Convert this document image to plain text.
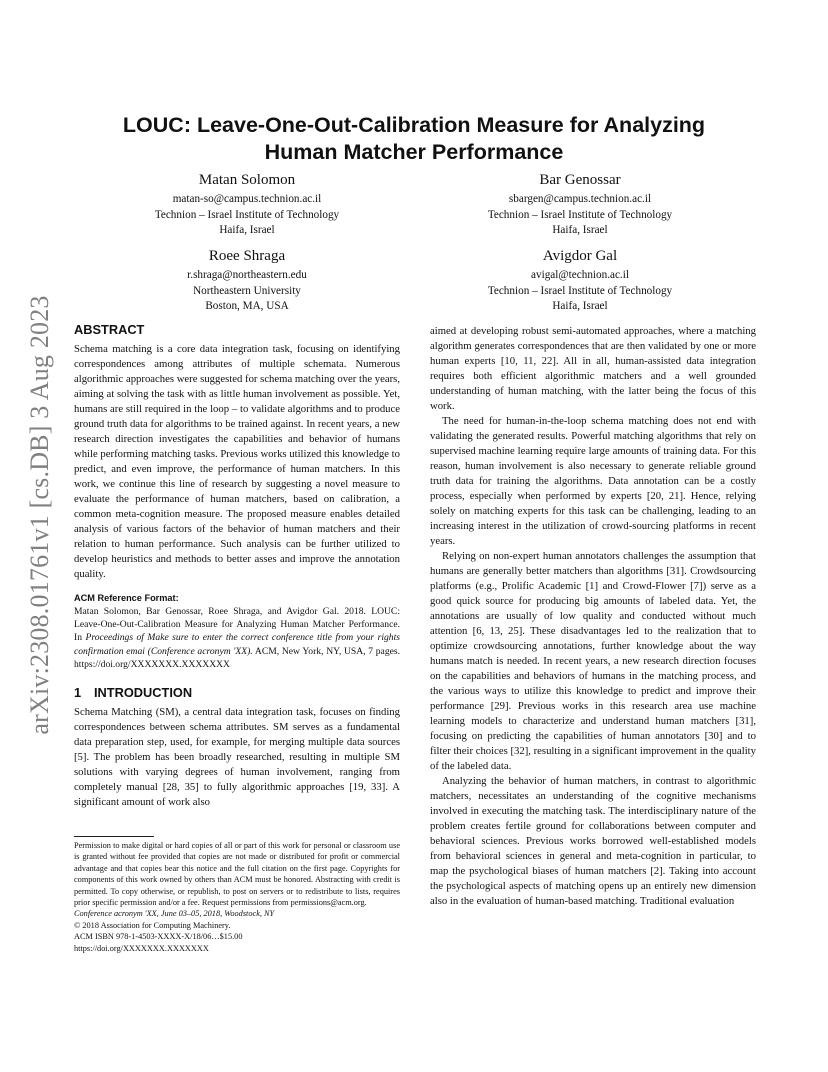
arXiv:2308.01761v1 [cs.DB] 3 Aug 2023
LOUC: Leave-One-Out-Calibration Measure for Analyzing
Human Matcher Performance
Matan Solomon
matan-so@campus.technion.ac.il
Technion – Israel Institute of Technology
Haifa, Israel
Bar Genossar
sbargen@campus.technion.ac.il
Technion – Israel Institute of Technology
Haifa, Israel
Roee Shraga
r.shraga@northeastern.edu
Northeastern University
Boston, MA, USA
Avigdor Gal
avigal@technion.ac.il
Technion – Israel Institute of Technology
Haifa, Israel
ABSTRACT

Schema matching is a core data integration task, focusing on identifying correspondences among attributes of multiple schemata. Numerous algorithmic approaches were suggested for schema matching over the years, aiming at solving the task with as little human involvement as possible. Yet, humans are still required in the loop – to validate algorithms and to produce ground truth data for algorithms to be trained against. In recent years, a new research direction investigates the capabilities and behavior of humans while performing matching tasks. Previous works utilized this knowledge to predict, and even improve, the performance of human matchers. In this work, we continue this line of research by suggesting a novel measure to evaluate the performance of human matchers, based on calibration, a common meta-cognition measure. The proposed measure enables detailed analysis of various factors of the behavior of human matchers and their relation to human performance. Such analysis can be further utilized to develop heuristics and methods to better asses and improve the annotation quality.

ACM Reference Format:

Matan Solomon, Bar Genossar, Roee Shraga, and Avigdor Gal. 2018. LOUC: Leave-One-Out-Calibration Measure for Analyzing Human Matcher Performance. In Proceedings of Make sure to enter the correct conference title from your rights confirmation emai (Conference acronym 'XX). ACM, New York, NY, USA, 7 pages. https://doi.org/XXXXXXX.XXXXXXX

1 INTRODUCTION

Schema Matching (SM), a central data integration task, focuses on finding correspondences between schema attributes. SM serves as a fundamental data preparation step, used, for example, for merging multiple data sources [5]. The problem has been broadly researched, resulting in multiple SM solutions with varying degrees of human involvement, ranging from completely manual [28, 35] to fully algorithmic approaches [19, 33]. A significant amount of work also

Permission to make digital or hard copies of all or part of this work for personal or classroom use is granted without fee provided that copies are not made or distributed for profit or commercial advantage and that copies bear this notice and the full citation on the first page. Copyrights for components of this work owned by others than ACM must be honored. Abstracting with credit is permitted. To copy otherwise, or republish, to post on servers or to redistribute to lists, requires prior specific permission and/or a fee. Request permissions from permissions@acm.org.

Conference acronym 'XX, June 03–05, 2018, Woodstock, NY
© 2018 Association for Computing Machinery.
ACM ISBN 978-1-4503-XXXX-X/18/06…$15.00
https://doi.org/XXXXXXX.XXXXXXX

aimed at developing robust semi-automated approaches, where a matching algorithm generates correspondences that are then validated by one or more human experts [10, 11, 22]. All in all, human-assisted data integration requires both efficient algorithmic matchers and a well grounded understanding of human matching, with the latter being the focus of this work.

The need for human-in-the-loop schema matching does not end with validating the generated results. Powerful matching algorithms that rely on supervised machine learning require large amounts of training data. For this reason, human involvement is also necessary to generate reliable ground truth data for training the algorithms. Data annotation can be a costly process, especially when performed by experts [20, 21]. Hence, relying solely on matching experts for this task can be challenging, leading to an increasing interest in the utilization of crowd-sourcing platforms in recent years.

Relying on non-expert human annotators challenges the assumption that humans are generally better matchers than algorithms [31]. Crowdsourcing platforms (e.g., Prolific Academic [1] and Crowd-Flower [7]) serve as a good quick source for producing big amounts of labeled data. Yet, the annotations are usually of low quality and conducted without much attention [6, 13, 25]. These disadvantages led to the realization that to optimize crowdsourcing annotations, further knowledge about the way humans match is needed. In recent years, a new research direction focuses on the capabilities and behaviors of humans in the matching process, and the various ways to utilize this knowledge to predict and improve their performance [29]. Previous works in this research area use machine learning models to characterize and understand human matchers [31], focusing on predicting the capabilities of human annotators [30] and to filter their choices [32], resulting in a significant improvement in the quality of the labeled data.

Analyzing the behavior of human matchers, in contrast to algorithmic matchers, necessitates an understanding of the cognitive mechanisms involved in executing the matching task. The interdisciplinary nature of the problem creates fertile ground for collaborations between computer and behavioral sciences. Previous works borrowed well-established models from behavioral sciences in general and meta-cognition in particular, to map the psychological biases of human matchers [2]. Taking into account the psychological aspects of matching opens up an entirely new dimension also in the evaluation of human-based matching. Traditional evaluation
